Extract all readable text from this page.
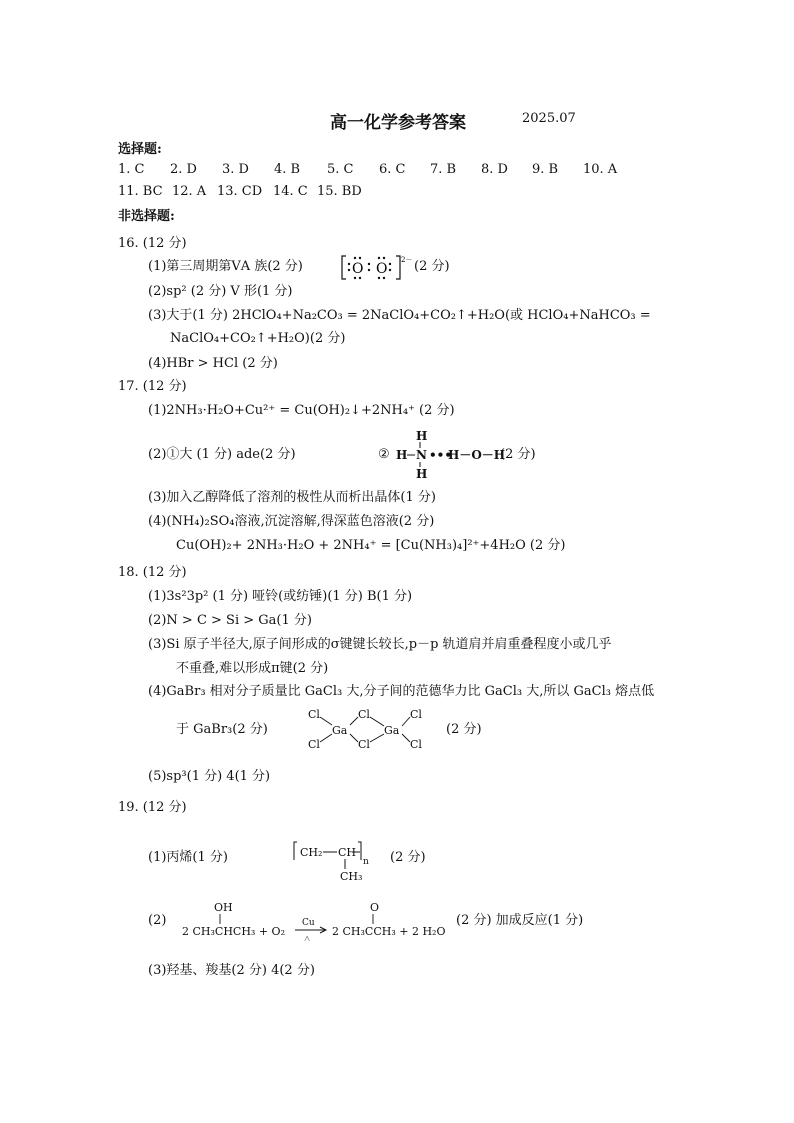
高一化学参考答案	2025.07
选择题:
1. C 2. D 3. D 4. B 5. C 6. C 7. B 8. D 9. B 10. A
11. BC 12. A 13. CD 14. C 15. BD
非选择题:
16. (12 分)
(1)第三周期第ⅤA 族(2 分)	O O
2－ (2 分)
(2)sp² (2 分) V 形(1 分)
(3)大于(1 分) 2HClO₄+Na₂CO₃ = 2NaClO₄+CO₂↑+H₂O(或 HClO₄+NaHCO₃ =
NaClO₄+CO₂↑+H₂O)(2 分)
(4)HBr > HCl (2 分)
17. (12 分)
(1)2NH₃·H₂O+Cu²⁺ = Cu(OH)₂↓+2NH₄⁺ (2 分)
(2)①大 (1 分) ade(2 分)	②
H
H
H N •••
H－O－H
(2 分)
(3)加入乙醇降低了溶剂的极性从而析出晶体(1 分)
(4)(NH₄)₂SO₄溶液,沉淀溶解,得深蓝色溶液(2 分)
Cu(OH)₂+ 2NH₃·H₂O + 2NH₄⁺ = [Cu(NH₃)₄]²⁺+4H₂O (2 分)
18. (12 分)
(1)3s²3p² (1 分) 哑铃(或纺锤)(1 分) B(1 分)
(2)N > C > Si > Ga(1 分)
(3)Si 原子半径大,原子间形成的σ键键长较长,p－p 轨道肩并肩重叠程度小或几乎
不重叠,难以形成π键(2 分)
(4)GaBr₃ 相对分子质量比 GaCl₃ 大,分子间的范德华力比 GaCl₃ 大,所以 GaCl₃ 熔点低
于 GaBr₃(2 分)
Cl
Cl
Cl
Cl
Cl
Cl
Ga	Ga	(2 分)
(5)sp³(1 分) 4(1 分)
19. (12 分)
(1)丙烯(1 分)	CH₂ CH
CH₃
n (2 分)
(2)
OH
2 CH₃CHCH₃ + O₂
Cu
△
O
2 CH₃CCH₃ + 2 H₂O
(2 分) 加成反应(1 分)
(3)羟基、羧基(2 分) 4(2 分)
